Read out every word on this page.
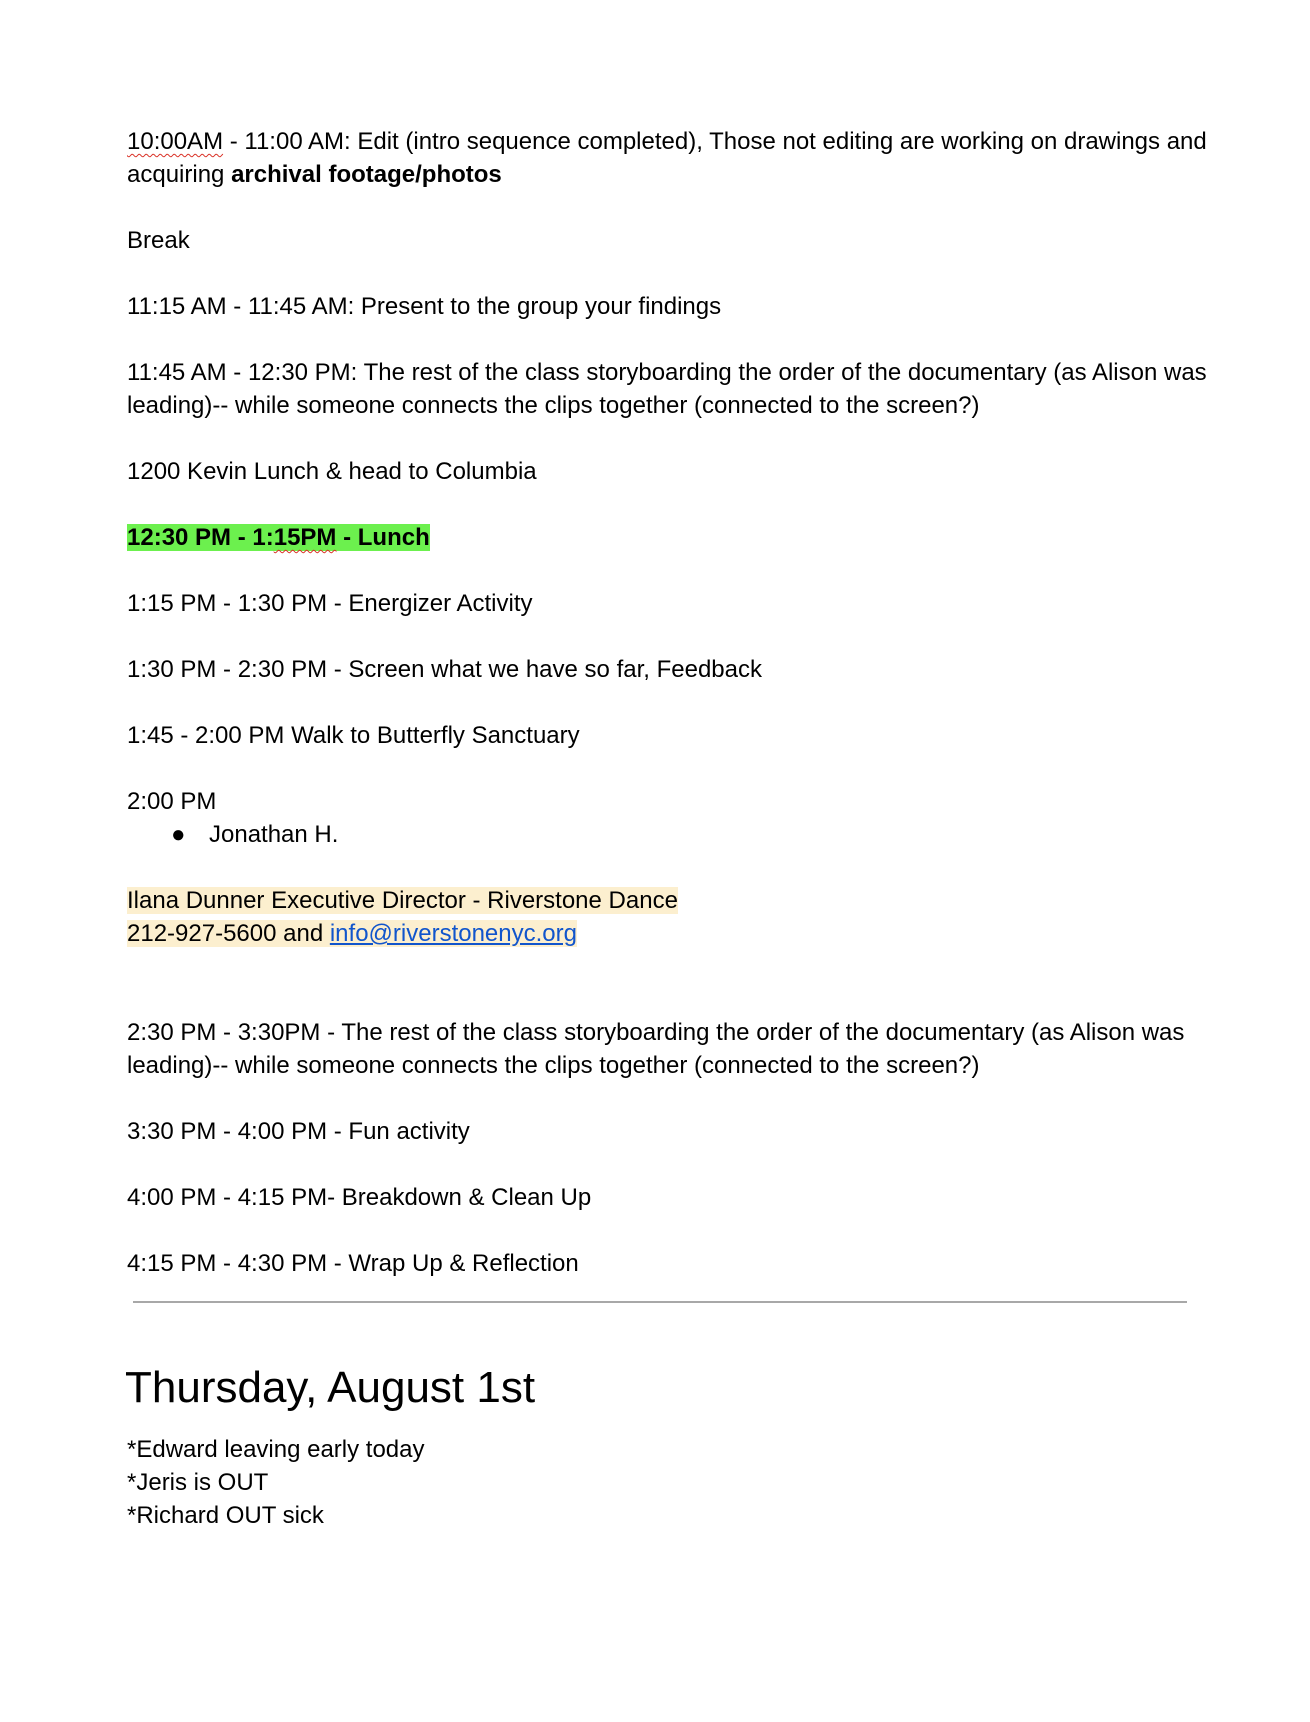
10:00AM - 11:00 AM: Edit (intro sequence completed), Those not editing are working on drawings and acquiring archival footage/photos

Break

11:15 AM - 11:45 AM: Present to the group your findings

11:45 AM - 12:30 PM: The rest of the class storyboarding the order of the documentary (as Alison was leading)-- while someone connects the clips together (connected to the screen?)

1200 Kevin Lunch & head to Columbia

12:30 PM - 1:15PM - Lunch

1:15 PM - 1:30 PM - Energizer Activity

1:30 PM - 2:30 PM - Screen what we have so far, Feedback

1:45 - 2:00 PM Walk to Butterfly Sanctuary

2:00 PM

● Jonathan H.

Ilana Dunner Executive Director - Riverstone Dance

212-927-5600 and info@riverstonenyc.org

2:30 PM - 3:30PM - The rest of the class storyboarding the order of the documentary (as Alison was leading)-- while someone connects the clips together (connected to the screen?)

3:30 PM - 4:00 PM - Fun activity

4:00 PM - 4:15 PM- Breakdown & Clean Up

4:15 PM - 4:30 PM - Wrap Up & Reflection

Thursday, August 1st

*Edward leaving early today

*Jeris is OUT

*Richard OUT sick
